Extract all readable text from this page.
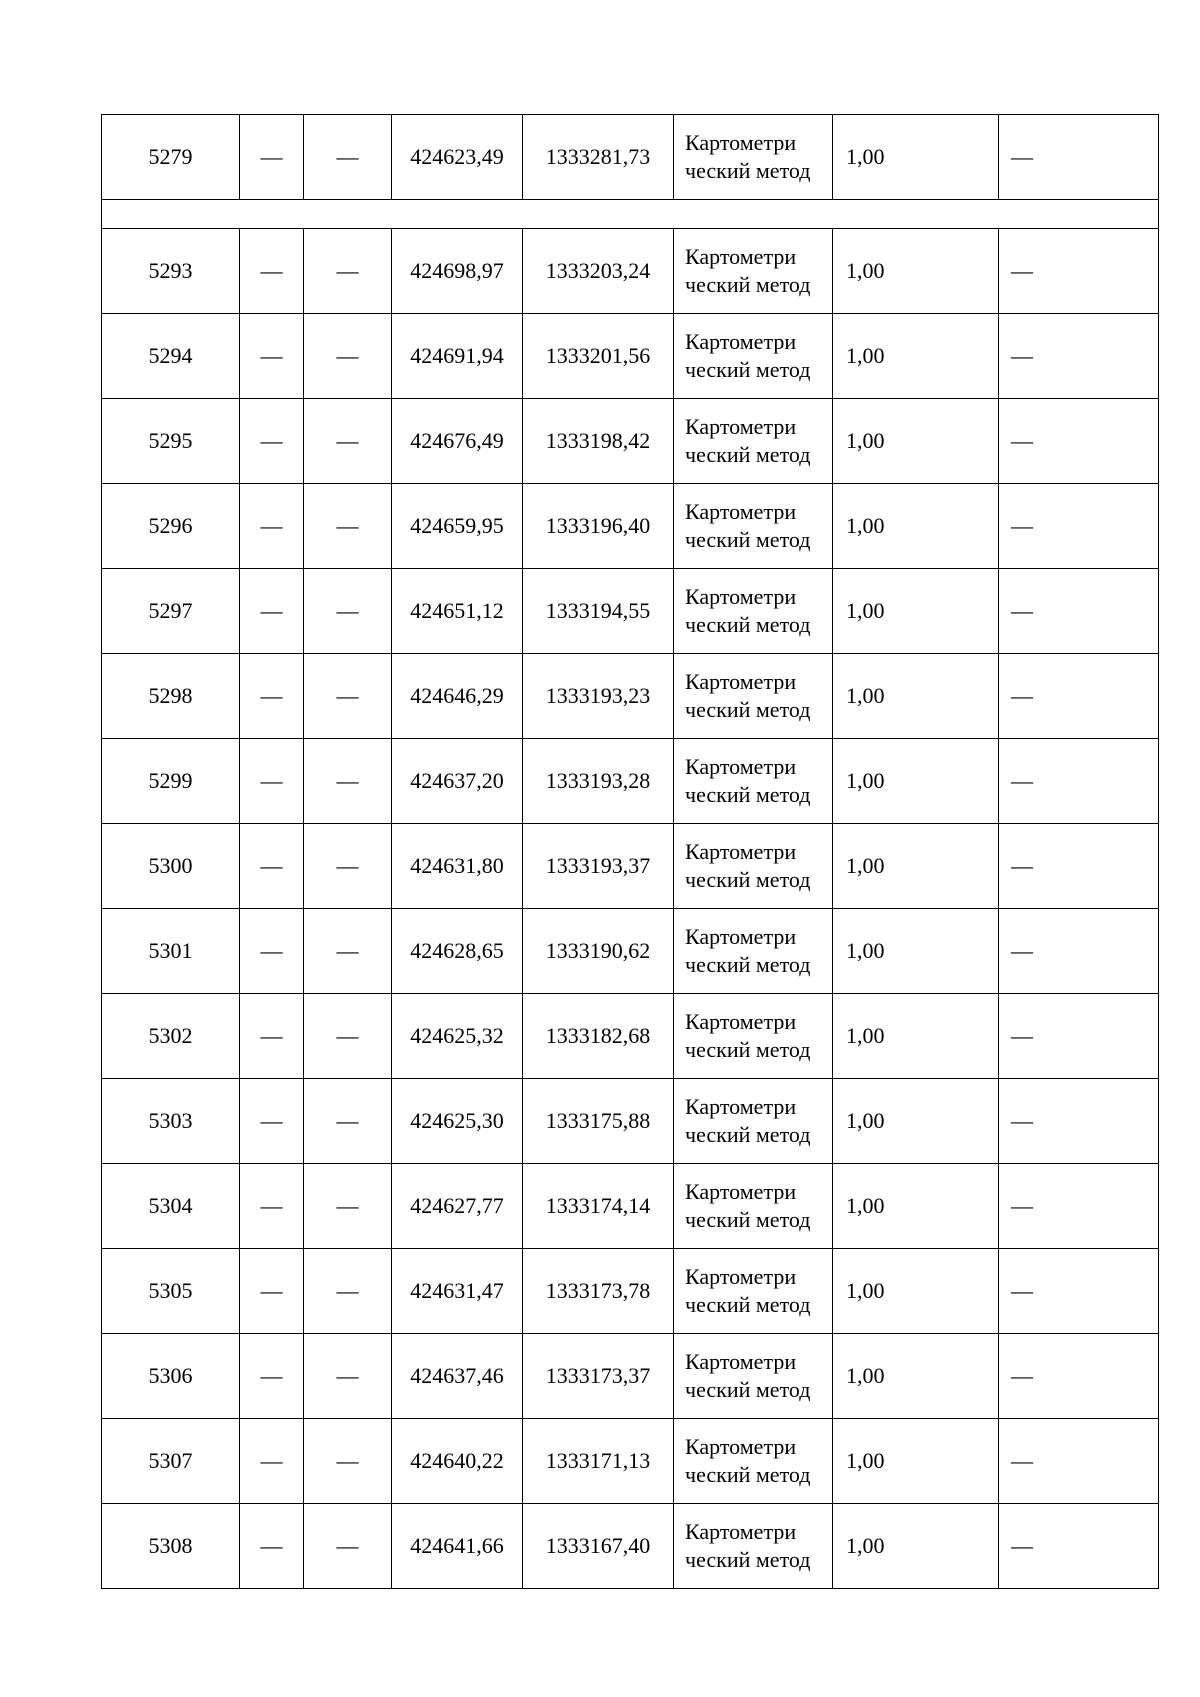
5279	—	—	424623,49	1333281,73	Картометри ческий метод	1,00	—

5293	—	—	424698,97	1333203,24	Картометри ческий метод	1,00	—
5294	—	—	424691,94	1333201,56	Картометри ческий метод	1,00	—
5295	—	—	424676,49	1333198,42	Картометри ческий метод	1,00	—
5296	—	—	424659,95	1333196,40	Картометри ческий метод	1,00	—
5297	—	—	424651,12	1333194,55	Картометри ческий метод	1,00	—
5298	—	—	424646,29	1333193,23	Картометри ческий метод	1,00	—
5299	—	—	424637,20	1333193,28	Картометри ческий метод	1,00	—
5300	—	—	424631,80	1333193,37	Картометри ческий метод	1,00	—
5301	—	—	424628,65	1333190,62	Картометри ческий метод	1,00	—
5302	—	—	424625,32	1333182,68	Картометри ческий метод	1,00	—
5303	—	—	424625,30	1333175,88	Картометри ческий метод	1,00	—
5304	—	—	424627,77	1333174,14	Картометри ческий метод	1,00	—
5305	—	—	424631,47	1333173,78	Картометри ческий метод	1,00	—
5306	—	—	424637,46	1333173,37	Картометри ческий метод	1,00	—
5307	—	—	424640,22	1333171,13	Картометри ческий метод	1,00	—
5308	—	—	424641,66	1333167,40	Картометри ческий метод	1,00	—
